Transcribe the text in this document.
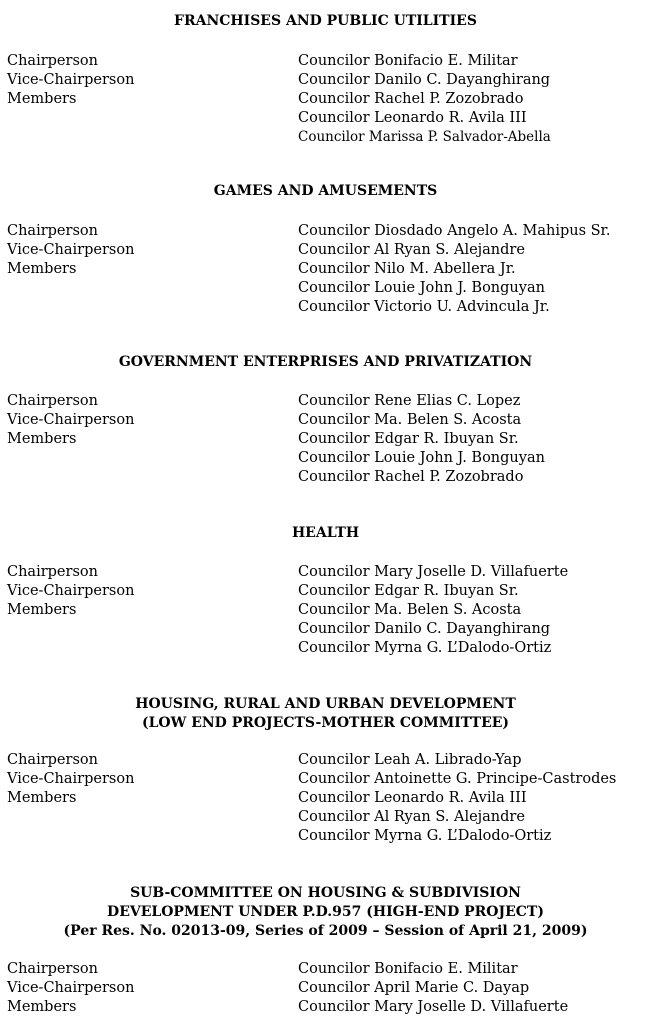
FRANCHISES AND PUBLIC UTILITIES

Chairperson	Councilor Bonifacio E. Militar
Vice-Chairperson	Councilor Danilo C. Dayanghirang
Members	Councilor Rachel P. Zozobrado
Councilor Leonardo R. Avila III
Councilor Marissa P. Salvador-Abella

GAMES AND AMUSEMENTS

Chairperson	Councilor Diosdado Angelo A. Mahipus Sr.
Vice-Chairperson	Councilor Al Ryan S. Alejandre
Members	Councilor Nilo M. Abellera Jr.
Councilor Louie John J. Bonguyan
Councilor Victorio U. Advincula Jr.

GOVERNMENT ENTERPRISES AND PRIVATIZATION

Chairperson	Councilor Rene Elias C. Lopez
Vice-Chairperson	Councilor Ma. Belen S. Acosta
Members	Councilor Edgar R. Ibuyan Sr.
Councilor Louie John J. Bonguyan
Councilor Rachel P. Zozobrado

HEALTH

Chairperson	Councilor Mary Joselle D. Villafuerte
Vice-Chairperson	Councilor Edgar R. Ibuyan Sr.
Members	Councilor Ma. Belen S. Acosta
Councilor Danilo C. Dayanghirang
Councilor Myrna G. L’Dalodo-Ortiz

HOUSING, RURAL AND URBAN DEVELOPMENT

(LOW END PROJECTS-MOTHER COMMITTEE)

Chairperson	Councilor Leah A. Librado-Yap
Vice-Chairperson	Councilor Antoinette G. Principe-Castrodes
Members	Councilor Leonardo R. Avila III
Councilor Al Ryan S. Alejandre
Councilor Myrna G. L’Dalodo-Ortiz

SUB-COMMITTEE ON HOUSING & SUBDIVISION

DEVELOPMENT UNDER P.D.957 (HIGH-END PROJECT)

(Per Res. No. 02013-09, Series of 2009 – Session of April 21, 2009)

Chairperson	Councilor Bonifacio E. Militar
Vice-Chairperson	Councilor April Marie C. Dayap
Members	Councilor Mary Joselle D. Villafuerte
